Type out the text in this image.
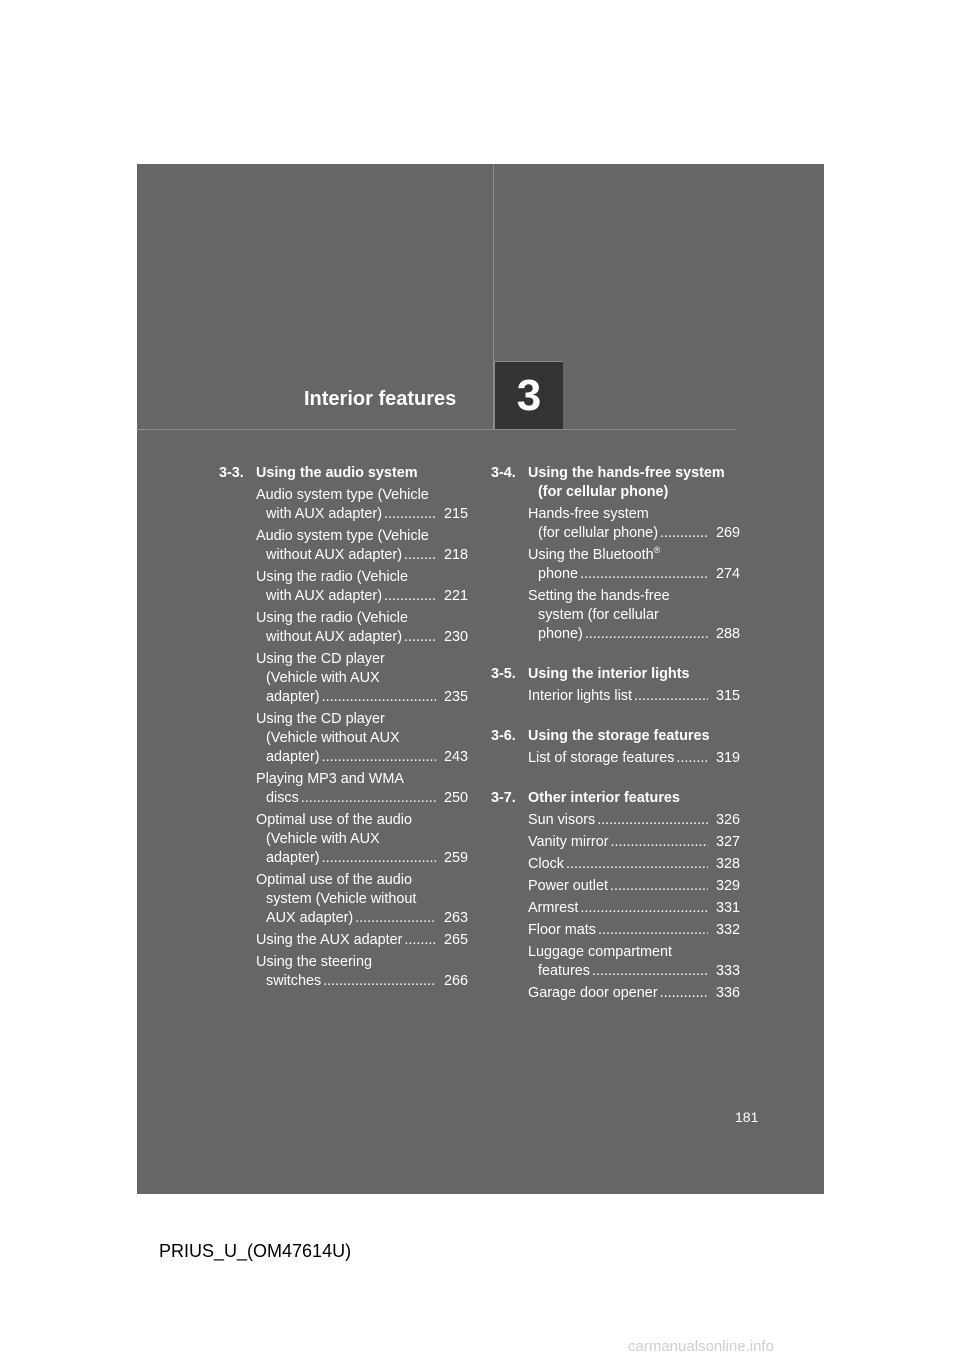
Interior features 3
3-3. Using the audio system
Audio system type (Vehicle
with AUX adapter) .....	215
Audio system type (Vehicle
without AUX adapter) .....	218
Using the radio (Vehicle
with AUX adapter) .....	221
Using the radio (Vehicle
without AUX adapter) .....	230
Using the CD player
(Vehicle with AUX
adapter) .....	235
Using the CD player
(Vehicle without AUX
adapter) .....	243
Playing MP3 and WMA
discs .....	250
Optimal use of the audio
(Vehicle with AUX
adapter) .....	259
Optimal use of the audio
system (Vehicle without
AUX adapter) .....	263
Using the AUX adapter .....	265
Using the steering
switches .....	266
3-4. Using the hands-free system
(for cellular phone)
Hands-free system
(for cellular phone) .....	269
Using the Bluetooth®
phone .....	274
Setting the hands-free
system (for cellular
phone) .....	288
3-5. Using the interior lights
Interior lights list .....	315
3-6. Using the storage features
List of storage features .....	319
3-7. Other interior features
Sun visors .....	326
Vanity mirror .....	327
Clock .....	328
Power outlet .....	329
Armrest .....	331
Floor mats .....	332
Luggage compartment
features .....	333
Garage door opener .....	336
181
PRIUS_U_(OM47614U)
carmanualsonline.info
